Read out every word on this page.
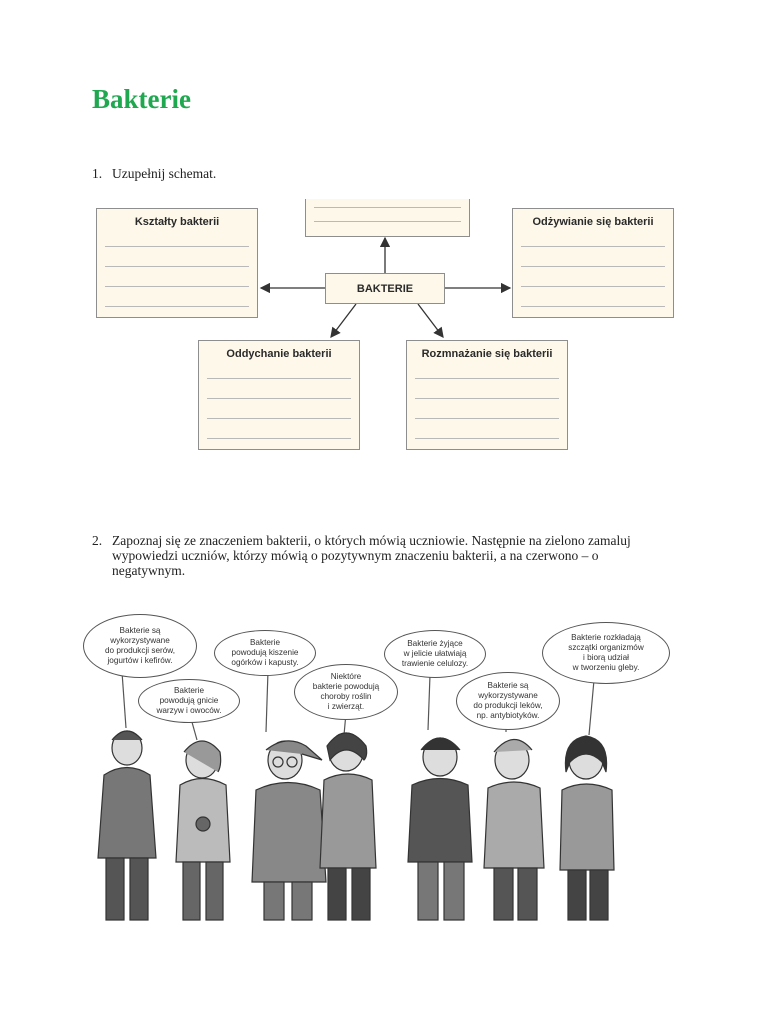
Bakterie
1. Uzupełnij schemat.
Kształty bakterii	Odżywianie się bakterii
BAKTERIE
Oddychanie bakterii	Rozmnażanie się bakterii
2. Zapoznaj się ze znaczeniem bakterii, o których mówią uczniowie. Następnie na zielono zamaluj wypowiedzi uczniów, którzy mówią o pozytywnym znaczeniu bakterii, a na czerwono – o negatywnym.
Bakterie są
wykorzystywane
do produkcji serów,
jogurtów i kefirów.
Bakterie
powodują gnicie
warzyw i owoców.
Bakterie
powodują kiszenie
ogórków i kapusty.
Niektóre
bakterie powodują
choroby roślin
i zwierząt.
Bakterie żyjące
w jelicie ułatwiają
trawienie celulozy.
Bakterie są
wykorzystywane
do produkcji leków,
np. antybiotyków.
Bakterie rozkładają
szczątki organizmów
i biorą udział
w tworzeniu gleby.
